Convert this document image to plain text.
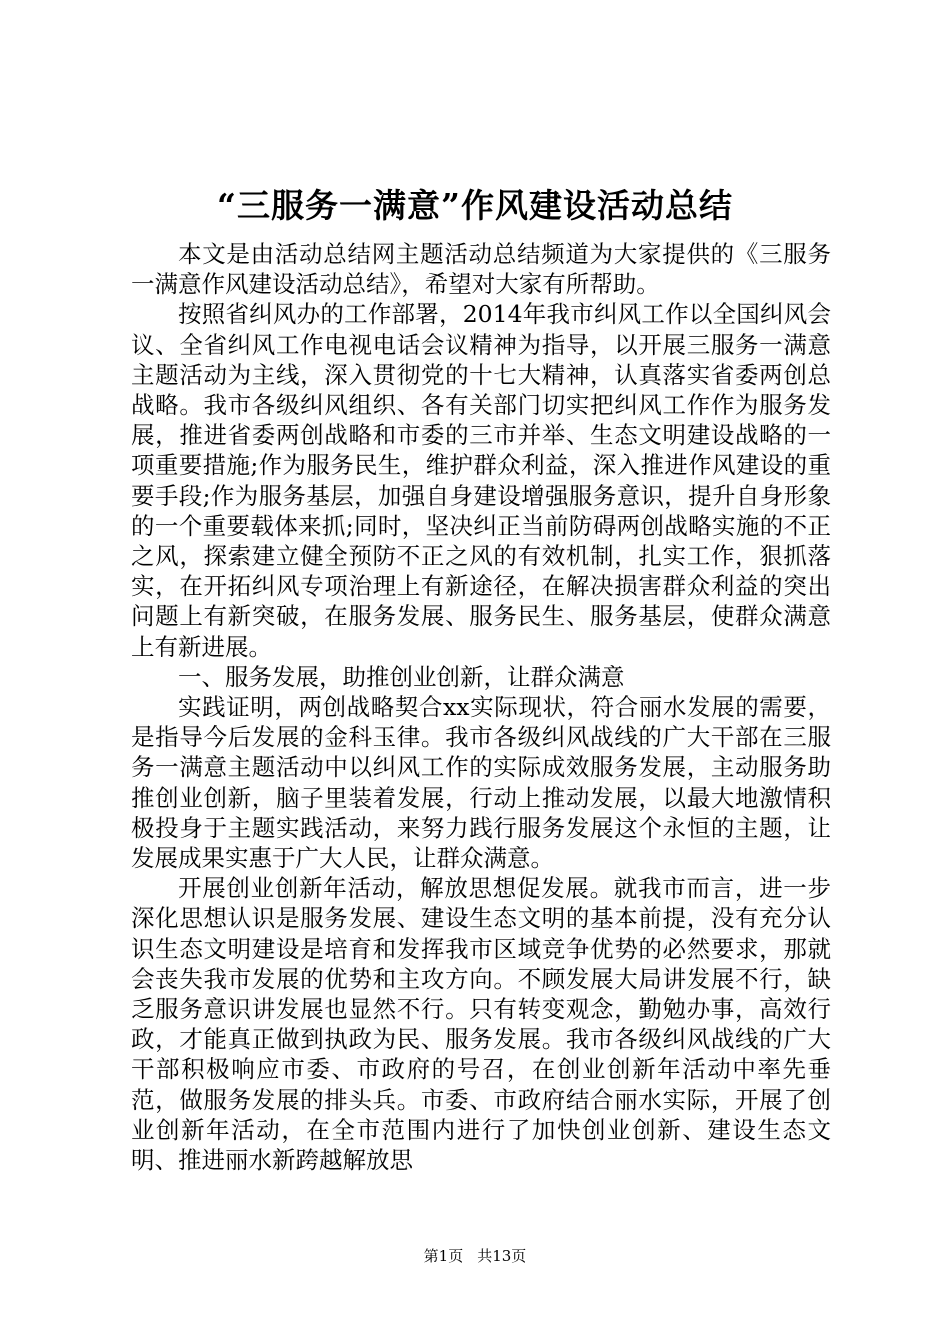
“三服务一满意”作风建设活动总结

本文是由活动总结网主题活动总结频道为大家提供的《三服务一满意作风建设活动总结》，希望对大家有所帮助。

按照省纠风办的工作部署，2014年我市纠风工作以全国纠风会议、全省纠风工作电视电话会议精神为指导，以开展三服务一满意主题活动为主线，深入贯彻党的十七大精神，认真落实省委两创总战略。我市各级纠风组织、各有关部门切实把纠风工作作为服务发展，推进省委两创战略和市委的三市并举、生态文明建设战略的一项重要措施;作为服务民生，维护群众利益，深入推进作风建设的重要手段;作为服务基层，加强自身建设增强服务意识，提升自身形象的一个重要载体来抓;同时，坚决纠正当前防碍两创战略实施的不正之风，探索建立健全预防不正之风的有效机制，扎实工作，狠抓落实，在开拓纠风专项治理上有新途径，在解决损害群众利益的突出问题上有新突破，在服务发展、服务民生、服务基层，使群众满意上有新进展。

一、服务发展，助推创业创新，让群众满意

实践证明，两创战略契合xx实际现状，符合丽水发展的需要，是指导今后发展的金科玉律。我市各级纠风战线的广大干部在三服务一满意主题活动中以纠风工作的实际成效服务发展，主动服务助推创业创新，脑子里装着发展，行动上推动发展，以最大地激情积极投身于主题实践活动，来努力践行服务发展这个永恒的主题，让发展成果实惠于广大人民，让群众满意。

开展创业创新年活动，解放思想促发展。就我市而言，进一步深化思想认识是服务发展、建设生态文明的基本前提，没有充分认识生态文明建设是培育和发挥我市区域竞争优势的必然要求，那就会丧失我市发展的优势和主攻方向。不顾发展大局讲发展不行，缺乏服务意识讲发展也显然不行。只有转变观念，勤勉办事，高效行政，才能真正做到执政为民、服务发展。我市各级纠风战线的广大干部积极响应市委、市政府的号召，在创业创新年活动中率先垂范，做服务发展的排头兵。市委、市政府结合丽水实际，开展了创业创新年活动，在全市范围内进行了加快创业创新、建设生态文明、推进丽水新跨越解放思

第1页 共13页
